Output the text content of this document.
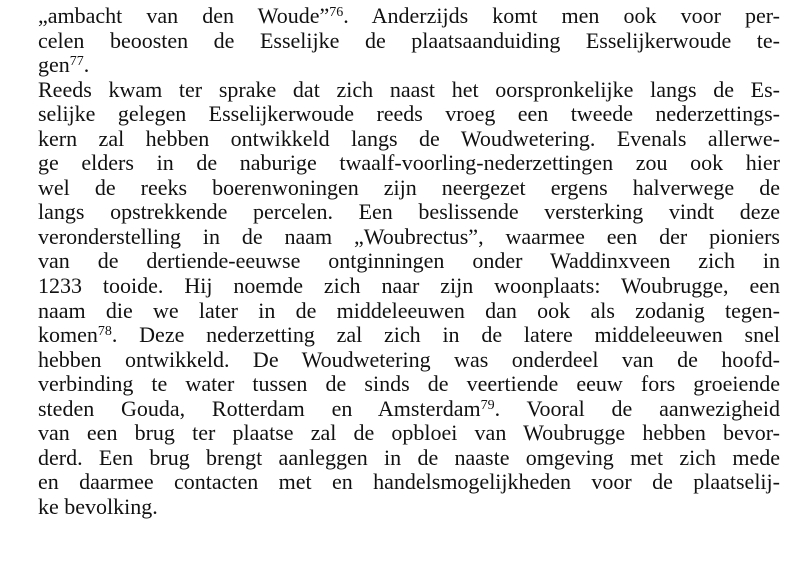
„ambacht van den Woude”$^{76}$. Anderzijds komt men ook voor per-
celen beoosten de Esselijke de plaatsaanduiding Esselijkerwoude te-
gen$^{77}$.

Reeds kwam ter sprake dat zich naast het oorspronkelijke langs de Es-
selijke gelegen Esselijkerwoude reeds vroeg een tweede nederzettings-
kern zal hebben ontwikkeld langs de Woudwetering. Evenals allerwe-
ge elders in de naburige twaalf-voorling-nederzettingen zou ook hier
wel de reeks boerenwoningen zijn neergezet ergens halverwege de
langs opstrekkende percelen. Een beslissende versterking vindt deze
veronderstelling in de naam „Woubrectus”, waarmee een der pioniers
van de dertiende-eeuwse ontginningen onder Waddinxveen zich in
1233 tooide. Hij noemde zich naar zijn woonplaats: Woubrugge, een
naam die we later in de middeleeuwen dan ook als zodanig tegen-
komen$^{78}$. Deze nederzetting zal zich in de latere middeleeuwen snel
hebben ontwikkeld. De Woudwetering was onderdeel van de hoofd-
verbinding te water tussen de sinds de veertiende eeuw fors groeiende
steden Gouda, Rotterdam en Amsterdam$^{79}$. Vooral de aanwezigheid
van een brug ter plaatse zal de opbloei van Woubrugge hebben bevor-
derd. Een brug brengt aanleggen in de naaste omgeving met zich mede
en daarmee contacten met en handelsmogelijkheden voor de plaatselij-
ke bevolking.
